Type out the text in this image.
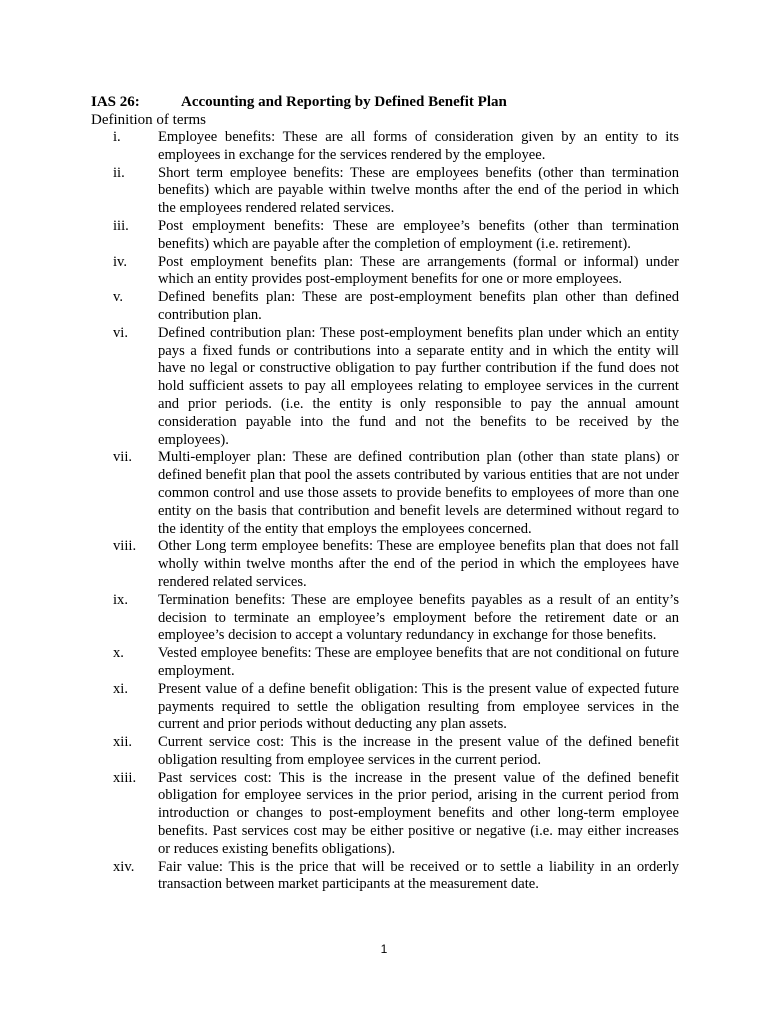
IAS 26:	Accounting and Reporting by Defined Benefit Plan
Definition of terms
i.	Employee benefits: These are all forms of consideration given by an entity to its employees in exchange for the services rendered by the employee.
ii.	Short term employee benefits: These are employees benefits (other than termination benefits) which are payable within twelve months after the end of the period in which the employees rendered related services.
iii.	Post employment benefits: These are employee’s benefits (other than termination benefits) which are payable after the completion of employment (i.e. retirement).
iv.	Post employment benefits plan: These are arrangements (formal or informal) under which an entity provides post-employment benefits for one or more employees.
v.	Defined benefits plan: These are post-employment benefits plan other than defined contribution plan.
vi.	Defined contribution plan: These post-employment benefits plan under which an entity pays a fixed funds or contributions into a separate entity and in which the entity will have no legal or constructive obligation to pay further contribution if the fund does not hold sufficient assets to pay all employees relating to employee services in the current and prior periods. (i.e. the entity is only responsible to pay the annual amount consideration payable into the fund and not the benefits to be received by the employees).
vii.	Multi-employer plan: These are defined contribution plan (other than state plans) or defined benefit plan that pool the assets contributed by various entities that are not under common control and use those assets to provide benefits to employees of more than one entity on the basis that contribution and benefit levels are determined without regard to the identity of the entity that employs the employees concerned.
viii.	Other Long term employee benefits: These are employee benefits plan that does not fall wholly within twelve months after the end of the period in which the employees have rendered related services.
ix.	Termination benefits: These are employee benefits payables as a result of an entity’s decision to terminate an employee’s employment before the retirement date or an employee’s decision to accept a voluntary redundancy in exchange for those benefits.
x.	Vested employee benefits: These are employee benefits that are not conditional on future employment.
xi.	Present value of a define benefit obligation: This is the present value of expected future payments required to settle the obligation resulting from employee services in the current and prior periods without deducting any plan assets.
xii.	Current service cost: This is the increase in the present value of the defined benefit obligation resulting from employee services in the current period.
xiii.	Past services cost: This is the increase in the present value of the defined benefit obligation for employee services in the prior period, arising in the current period from introduction or changes to post-employment benefits and other long-term employee benefits. Past services cost may be either positive or negative (i.e. may either increases or reduces existing benefits obligations).
xiv.	Fair value: This is the price that will be received or to settle a liability in an orderly transaction between market participants at the measurement date.
1
